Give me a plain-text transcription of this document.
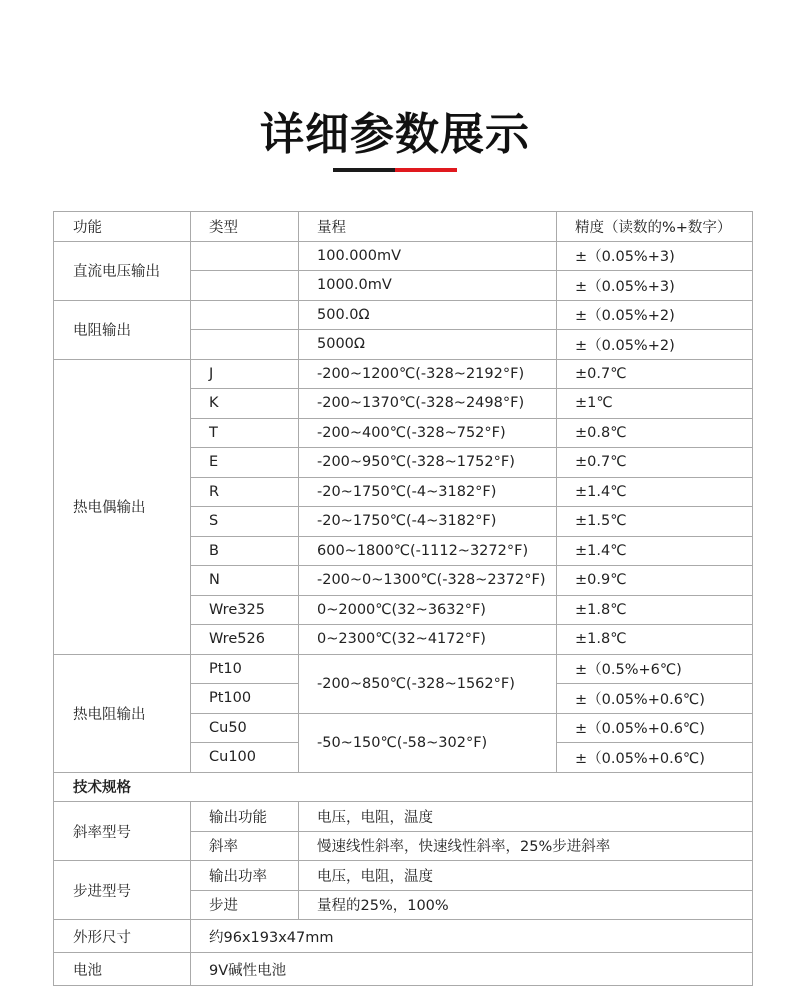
详细参数展示
功能	类型	量程	精度（读数的%+数字）
直流电压输出		100.000mV	±（0.05%+3)
		1000.0mV	±（0.05%+3)
电阻输出		500.0Ω	±（0.05%+2)
		5000Ω	±（0.05%+2)
热电偶输出	J	-200~1200℃(-328~2192°F)	±0.7℃
	K	-200~1370℃(-328~2498°F)	±1℃
	T	-200~400℃(-328~752°F)	±0.8℃
	E	-200~950℃(-328~1752°F)	±0.7℃
	R	-20~1750℃(-4~3182°F)	±1.4℃
	S	-20~1750℃(-4~3182°F)	±1.5℃
	B	600~1800℃(-1112~3272°F)	±1.4℃
	N	-200~0~1300℃(-328~2372°F)	±0.9℃
	Wre325	0~2000℃(32~3632°F)	±1.8℃
	Wre526	0~2300℃(32~4172°F)	±1.8℃
热电阻输出	Pt10	-200~850℃(-328~1562°F)	±（0.5%+6℃)
	Pt100		±（0.05%+0.6℃)
	Cu50	-50~150℃(-58~302°F)	±（0.05%+0.6℃)
	Cu100		±（0.05%+0.6℃)
技术规格			
斜率型号	输出功能	电压，电阻，温度	
	斜率	慢速线性斜率，快速线性斜率，25%步进斜率	
步进型号	输出功率	电压，电阻，温度	
	步进	量程的25%，100%	
外形尺寸	约96x193x47mm		
电池	9V碱性电池		
